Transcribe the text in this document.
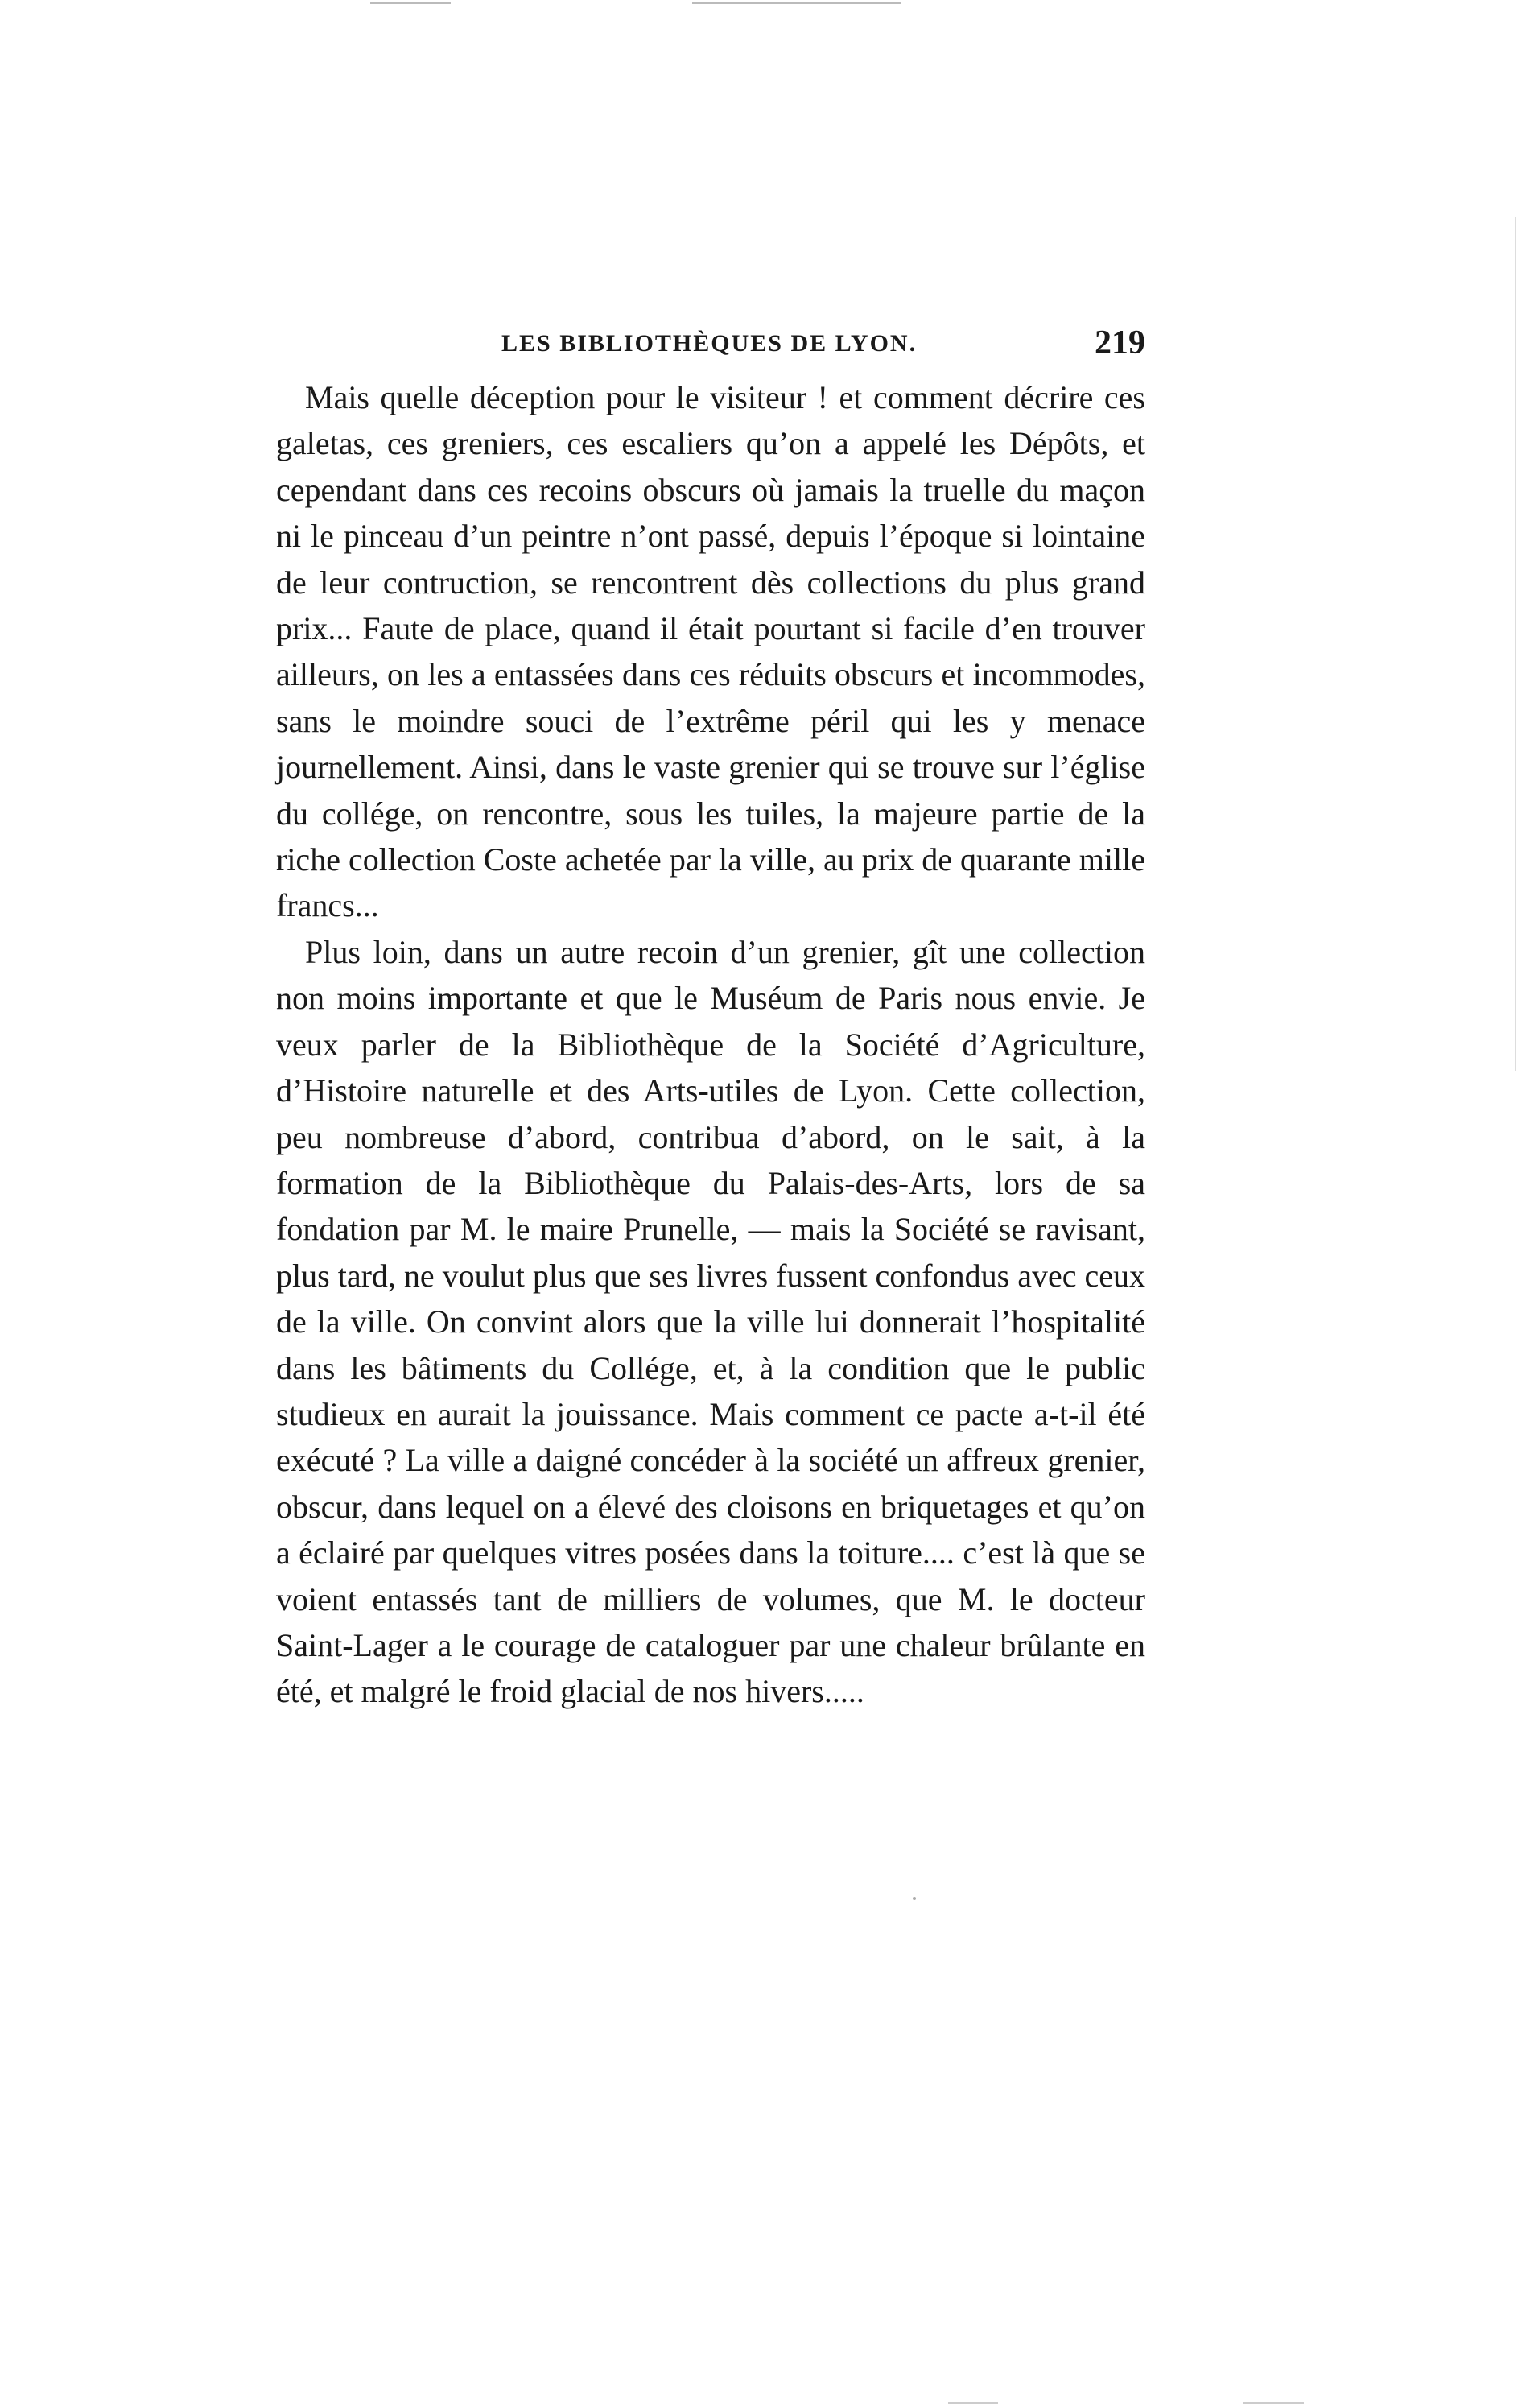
LES BIBLIOTHÈQUES DE LYON.	219

Mais quelle déception pour le visiteur ! et comment décrire ces galetas, ces greniers, ces escaliers qu’on a appelé les Dépôts, et cependant dans ces recoins obscurs où jamais la truelle du maçon ni le pinceau d’un peintre n’ont passé, depuis l’époque si lointaine de leur contruction, se rencontrent dès collections du plus grand prix... Faute de place, quand il était pourtant si facile d’en trouver ailleurs, on les a entassées dans ces réduits obscurs et incommodes, sans le moindre souci de l’extrême péril qui les y menace journellement. Ainsi, dans le vaste grenier qui se trouve sur l’église du collége, on rencontre, sous les tuiles, la majeure partie de la riche collection Coste achetée par la ville, au prix de quarante mille francs...

Plus loin, dans un autre recoin d’un grenier, gît une collection non moins importante et que le Muséum de Paris nous envie. Je veux parler de la Bibliothèque de la Société d’Agriculture, d’Histoire naturelle et des Arts-utiles de Lyon. Cette collection, peu nombreuse d’abord, contribua d’abord, on le sait, à la formation de la Bibliothèque du Palais-des-Arts, lors de sa fondation par M. le maire Prunelle, — mais la Société se ravisant, plus tard, ne voulut plus que ses livres fussent confondus avec ceux de la ville. On convint alors que la ville lui donnerait l’hospitalité dans les bâtiments du Collége, et, à la condition que le public studieux en aurait la jouissance. Mais comment ce pacte a-t-il été exécuté ? La ville a daigné concéder à la société un affreux grenier, obscur, dans lequel on a élevé des cloisons en briquetages et qu’on a éclairé par quelques vitres posées dans la toiture.... c’est là que se voient entassés tant de milliers de volumes, que M. le docteur Saint-Lager a le courage de cataloguer par une chaleur brûlante en été, et malgré le froid glacial de nos hivers.....
